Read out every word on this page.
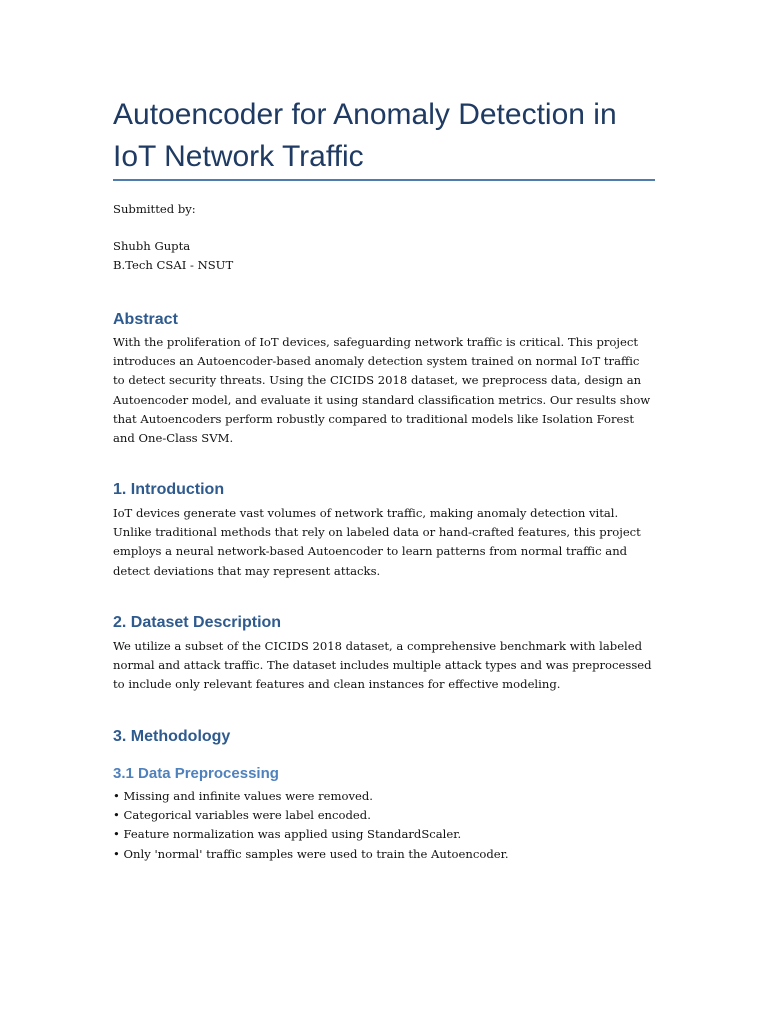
Autoencoder for Anomaly Detection in
IoT Network Traffic
Submitted by:
Shubh Gupta
B.Tech CSAI - NSUT
Abstract
With the proliferation of IoT devices, safeguarding network traffic is critical. This project
introduces an Autoencoder-based anomaly detection system trained on normal IoT traffic
to detect security threats. Using the CICIDS 2018 dataset, we preprocess data, design an
Autoencoder model, and evaluate it using standard classification metrics. Our results show
that Autoencoders perform robustly compared to traditional models like Isolation Forest
and One-Class SVM.
1. Introduction
IoT devices generate vast volumes of network traffic, making anomaly detection vital.
Unlike traditional methods that rely on labeled data or hand-crafted features, this project
employs a neural network-based Autoencoder to learn patterns from normal traffic and
detect deviations that may represent attacks.
2. Dataset Description
We utilize a subset of the CICIDS 2018 dataset, a comprehensive benchmark with labeled
normal and attack traffic. The dataset includes multiple attack types and was preprocessed
to include only relevant features and clean instances for effective modeling.
3. Methodology
3.1 Data Preprocessing
• Missing and infinite values were removed.
• Categorical variables were label encoded.
• Feature normalization was applied using StandardScaler.
• Only 'normal' traffic samples were used to train the Autoencoder.
